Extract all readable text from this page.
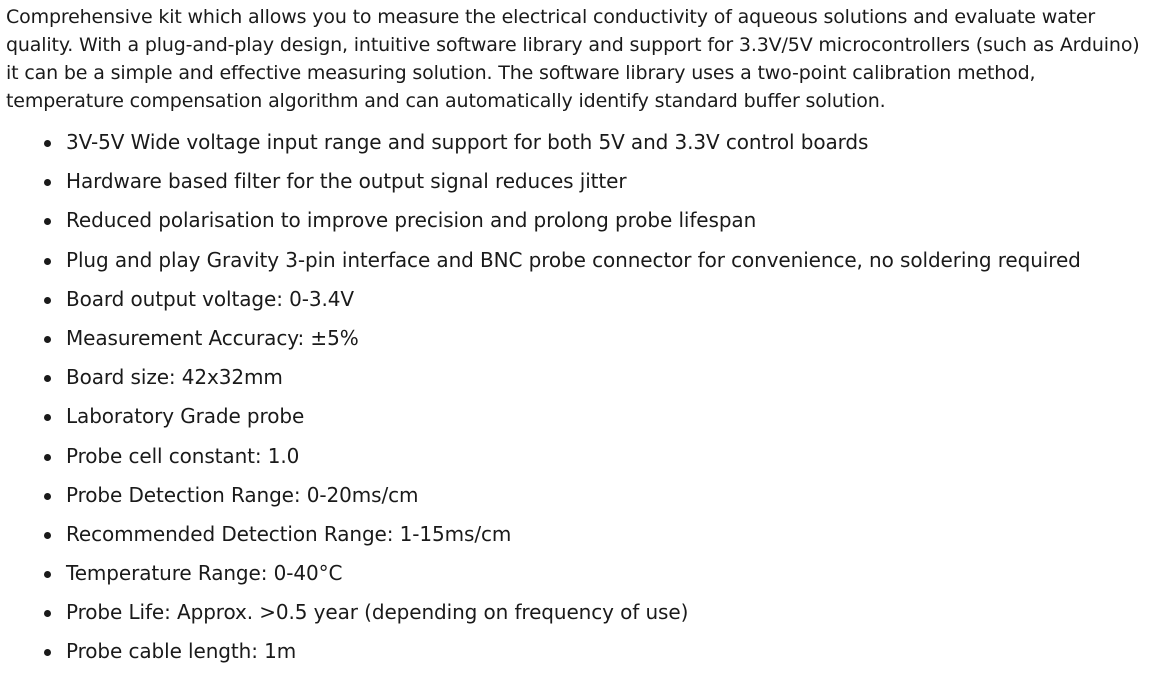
Comprehensive kit which allows you to measure the electrical conductivity of aqueous solutions and evaluate water quality. With a plug-and-play design, intuitive software library and support for 3.3V/5V microcontrollers (such as Arduino) it can be a simple and effective measuring solution. The software library uses a two-point calibration method, temperature compensation algorithm and can automatically identify standard buffer solution.

3V-5V Wide voltage input range and support for both 5V and 3.3V control boards
Hardware based filter for the output signal reduces jitter
Reduced polarisation to improve precision and prolong probe lifespan
Plug and play Gravity 3-pin interface and BNC probe connector for convenience, no soldering required
Board output voltage: 0-3.4V
Measurement Accuracy: ±5%
Board size: 42x32mm
Laboratory Grade probe
Probe cell constant: 1.0
Probe Detection Range: 0-20ms/cm
Recommended Detection Range: 1-15ms/cm
Temperature Range: 0-40°C
Probe Life: Approx. >0.5 year (depending on frequency of use)
Probe cable length: 1m
